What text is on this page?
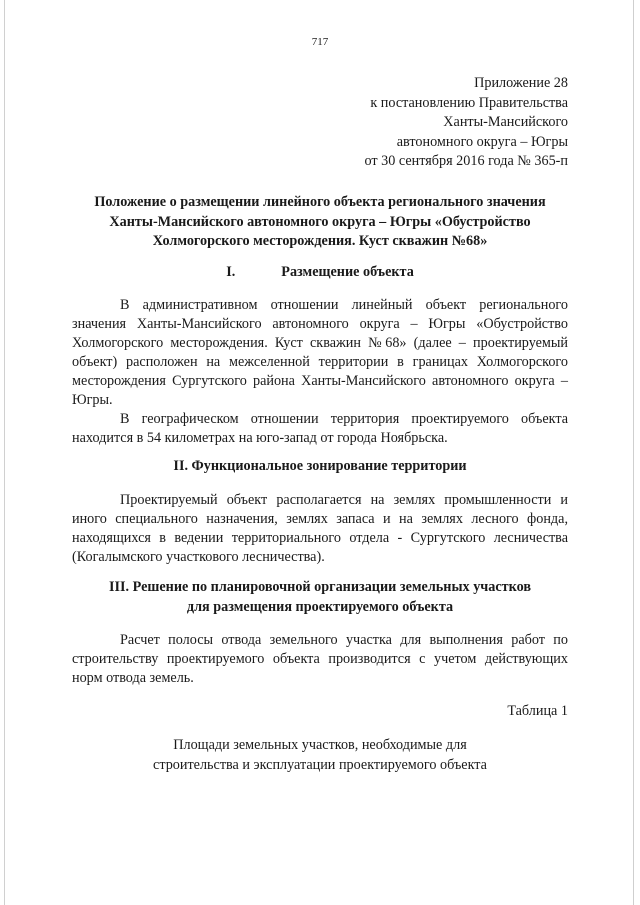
717
Приложение 28
к постановлению Правительства
Ханты-Мансийского
автономного округа – Югры
от 30 сентября 2016 года № 365-п
Положение о размещении линейного объекта регионального значения
Ханты-Мансийского автономного округа – Югры «Обустройство
Холмогорского месторождения. Куст скважин №68»
I.	Размещение объекта

В административном отношении линейный объект регионального значения Ханты-Мансийского автономного округа – Югры «Обустройство Холмогорского месторождения. Куст скважин №68» (далее – проектируемый объект) расположен на межселенной территории в границах Холмогорского месторождения Сургутского района Ханты-Мансийского автономного округа – Югры.

В географическом отношении территория проектируемого объекта находится в 54 километрах на юго-запад от города Ноябрьска.

II. Функциональное зонирование территории

Проектируемый объект располагается на землях промышленности и иного специального назначения, землях запаса и на землях лесного фонда, находящихся в ведении территориального отдела - Сургутского лесничества (Когалымского участкового лесничества).

III. Решение по планировочной организации земельных участков
для размещения проектируемого объекта

Расчет полосы отвода земельного участка для выполнения работ по строительству проектируемого объекта производится с учетом действующих норм отвода земель.

Таблица 1
Площади земельных участков, необходимые для
строительства и эксплуатации проектируемого объекта
